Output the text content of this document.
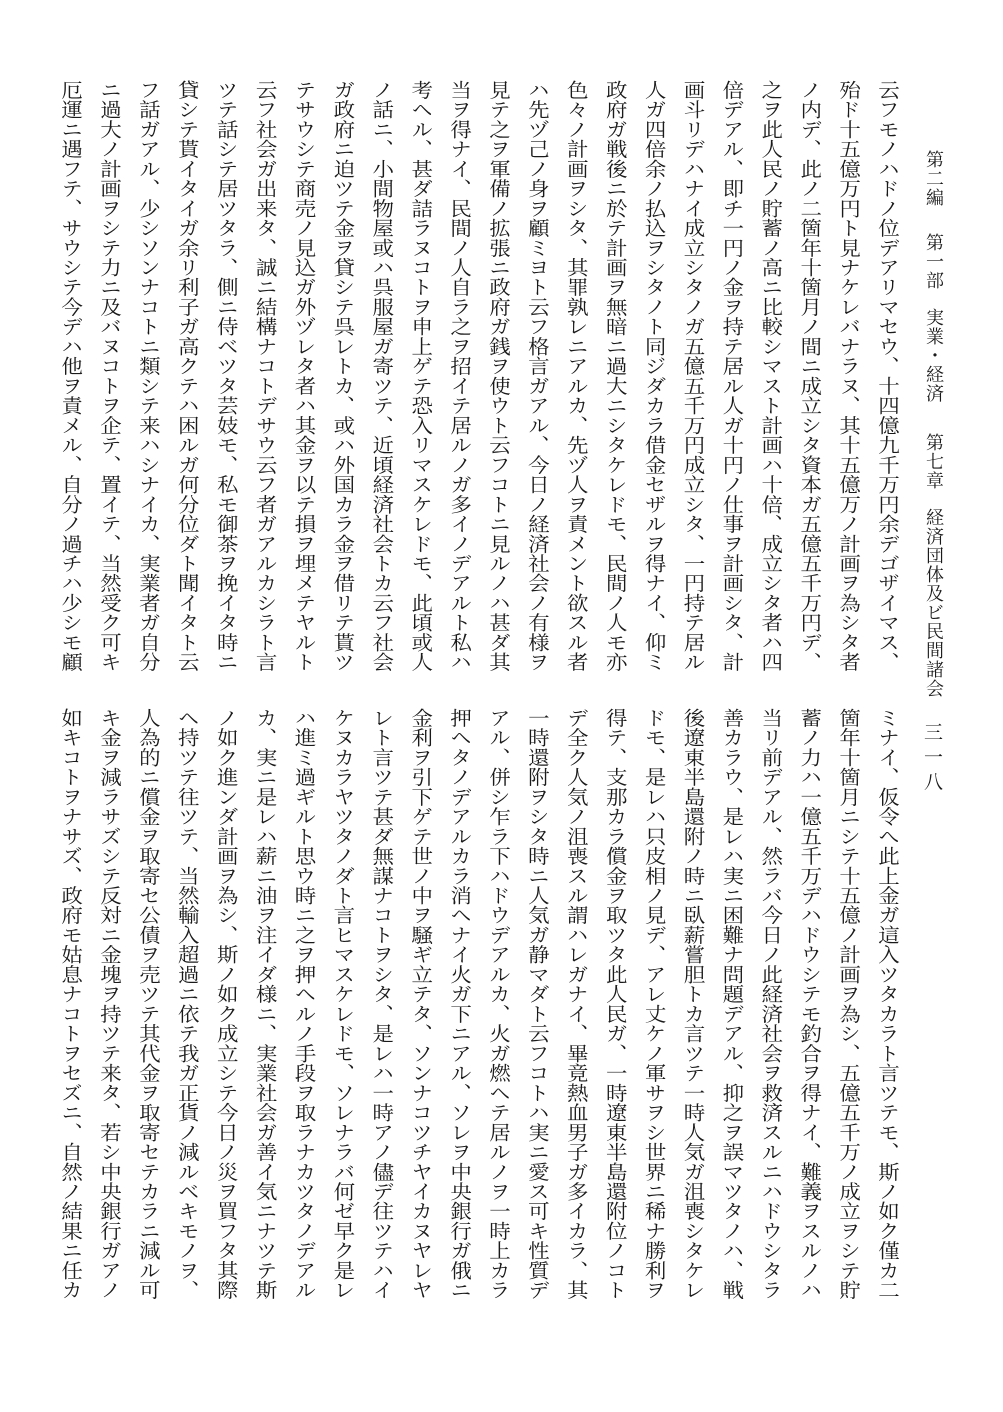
第二編第一部実業・経済第七章経済団体及ビ民間諸会
三一八
云フモノハドノ位デアリマセウ、十四億九千万円余デゴザイマス、
殆ド十五億万円ト見ナケレバナラヌ、其十五億万ノ計画ヲ為シタ者
ノ内デ、此ノ二箇年十箇月ノ間ニ成立シタ資本ガ五億五千万円デ、
之ヲ此人民ノ貯蓄ノ高ニ比較シマスト計画ハ十倍、成立シタ者ハ四
倍デアル、即チ一円ノ金ヲ持テ居ル人ガ十円ノ仕事ヲ計画シタ、計
画斗リデハナイ成立シタノガ五億五千万円成立シタ、一円持テ居ル
人ガ四倍余ノ払込ヲシタノト同ジダカラ借金セザルヲ得ナイ、仰ミ
政府ガ戦後ニ於テ計画ヲ無暗ニ過大ニシタケレドモ、民間ノ人モ亦
色々ノ計画ヲシタ、其罪孰レニアルカ、先ヅ人ヲ責メント欲スル者
ハ先ヅ己ノ身ヲ顧ミヨト云フ格言ガアル、今日ノ経済社会ノ有様ヲ
見テ之ヲ軍備ノ拡張ニ政府ガ銭ヲ使ウト云フコトニ見ルノハ甚ダ其
当ヲ得ナイ、民間ノ人自ラ之ヲ招イテ居ルノガ多イノデアルト私ハ
考ヘル、甚ダ詰ラヌコトヲ申上ゲテ恐入リマスケレドモ、此頃或人
ノ話ニ、小間物屋或ハ呉服屋ガ寄ツテ、近頃経済社会トカ云フ社会
ガ政府ニ迫ツテ金ヲ貸シテ呉レトカ、或ハ外国カラ金ヲ借リテ貰ツ
テサウシテ商売ノ見込ガ外ヅレタ者ハ其金ヲ以テ損ヲ埋メテヤルト
云フ社会ガ出来タ、誠ニ結構ナコトデサウ云フ者ガアルカシラト言
ツテ話シテ居ツタラ、側ニ侍ベツタ芸妓モ、私モ御茶ヲ挽イタ時ニ
貸シテ貰イタイガ余リ利子ガ高クテハ困ルガ何分位ダト聞イタト云
フ話ガアル、少シソンナコトニ類シテ来ハシナイカ、実業者ガ自分
ニ過大ノ計画ヲシテ力ニ及バヌコトヲ企テ、置イテ、当然受ク可キ
厄運ニ遇フテ、サウシテ今デハ他ヲ責メル、自分ノ過チハ少シモ顧
ミナイ、仮令へ此上金ガ這入ツタカラト言ツテモ、斯ノ如ク僅カ二
箇年十箇月ニシテ十五億ノ計画ヲ為シ、五億五千万ノ成立ヲシテ貯
蓄ノ力ハ一億五千万デハドウシテモ釣合ヲ得ナイ、難義ヲスルノハ
当リ前デアル、然ラバ今日ノ此経済社会ヲ救済スルニハドウシタラ
善カラウ、是レハ実ニ困難ナ問題デアル、抑之ヲ誤マツタノハ、戦
後遼東半島還附ノ時ニ臥薪嘗胆トカ言ツテ一時人気ガ沮喪シタケレ
ドモ、是レハ只皮相ノ見デ、アレ丈ケノ軍サヲシ世界ニ稀ナ勝利ヲ
得テ、支那カラ償金ヲ取ツタ此人民ガ、一時遼東半島還附位ノコト
デ全ク人気ノ沮喪スル謂ハレガナイ、畢竟熱血男子ガ多イカラ、其
一時還附ヲシタ時ニ人気ガ静マダト云フコトハ実ニ愛ス可キ性質デ
アル、併シ乍ラ下ハドウデアルカ、火ガ燃ヘテ居ルノヲ一時上カラ
押ヘタノデアルカラ消ヘナイ火ガ下ニアル、ソレヲ中央銀行ガ俄ニ
金利ヲ引下ゲテ世ノ中ヲ騒ギ立テタ、ソンナコツチヤイカヌヤレヤ
レト言ツテ甚ダ無謀ナコトヲシタ、是レハ一時アノ儘デ往ツテハイ
ケヌカラヤツタノダト言ヒマスケレドモ、ソレナラバ何ゼ早ク是レ
ハ進ミ過ギルト思ウ時ニ之ヲ押ヘルノ手段ヲ取ラナカツタノデアル
カ、実ニ是レハ薪ニ油ヲ注イダ様ニ、実業社会ガ善イ気ニナツテ斯
ノ如ク進ンダ計画ヲ為シ、斯ノ如ク成立シテ今日ノ災ヲ買フタ其際
ヘ持ツテ往ツテ、当然輸入超過ニ依テ我ガ正貨ノ減ルベキモノヲ、
人為的ニ償金ヲ取寄セ公債ヲ売ツテ其代金ヲ取寄セテカラニ減ル可
キ金ヲ減ラサズシテ反対ニ金塊ヲ持ツテ来タ、若シ中央銀行ガアノ
如キコトヲナサズ、政府モ姑息ナコトヲセズニ、自然ノ結果ニ任カ
